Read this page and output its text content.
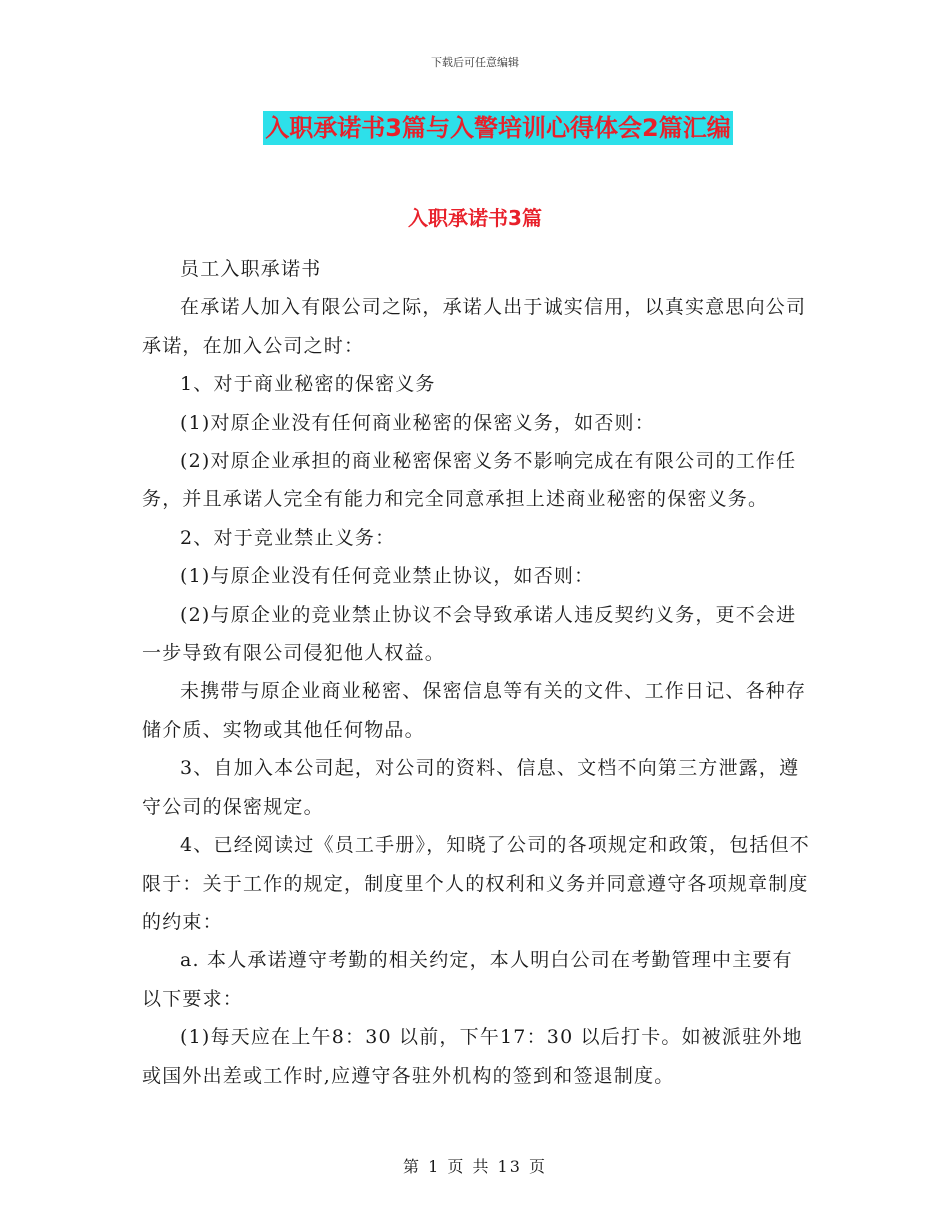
下载后可任意编辑
入职承诺书3篇与入警培训心得体会2篇汇编
入职承诺书3篇

员工入职承诺书

在承诺人加入有限公司之际，承诺人出于诚实信用，以真实意思向公司承诺，在加入公司之时：

1、对于商业秘密的保密义务

(1)对原企业没有任何商业秘密的保密义务，如否则：

(2)对原企业承担的商业秘密保密义务不影响完成在有限公司的工作任务，并且承诺人完全有能力和完全同意承担上述商业秘密的保密义务。

2、对于竞业禁止义务：

(1)与原企业没有任何竞业禁止协议，如否则：

(2)与原企业的竞业禁止协议不会导致承诺人违反契约义务，更不会进一步导致有限公司侵犯他人权益。

未携带与原企业商业秘密、保密信息等有关的文件、工作日记、各种存储介质、实物或其他任何物品。

3、自加入本公司起，对公司的资料、信息、文档不向第三方泄露，遵守公司的保密规定。

4、已经阅读过《员工手册》，知晓了公司的各项规定和政策，包括但不限于：关于工作的规定，制度里个人的权利和义务并同意遵守各项规章制度的约束：

a. 本人承诺遵守考勤的相关约定，本人明白公司在考勤管理中主要有以下要求：

(1)每天应在上午8：30 以前，下午17：30 以后打卡。如被派驻外地或国外出差或工作时,应遵守各驻外机构的签到和签退制度。

第 1 页 共 13 页
